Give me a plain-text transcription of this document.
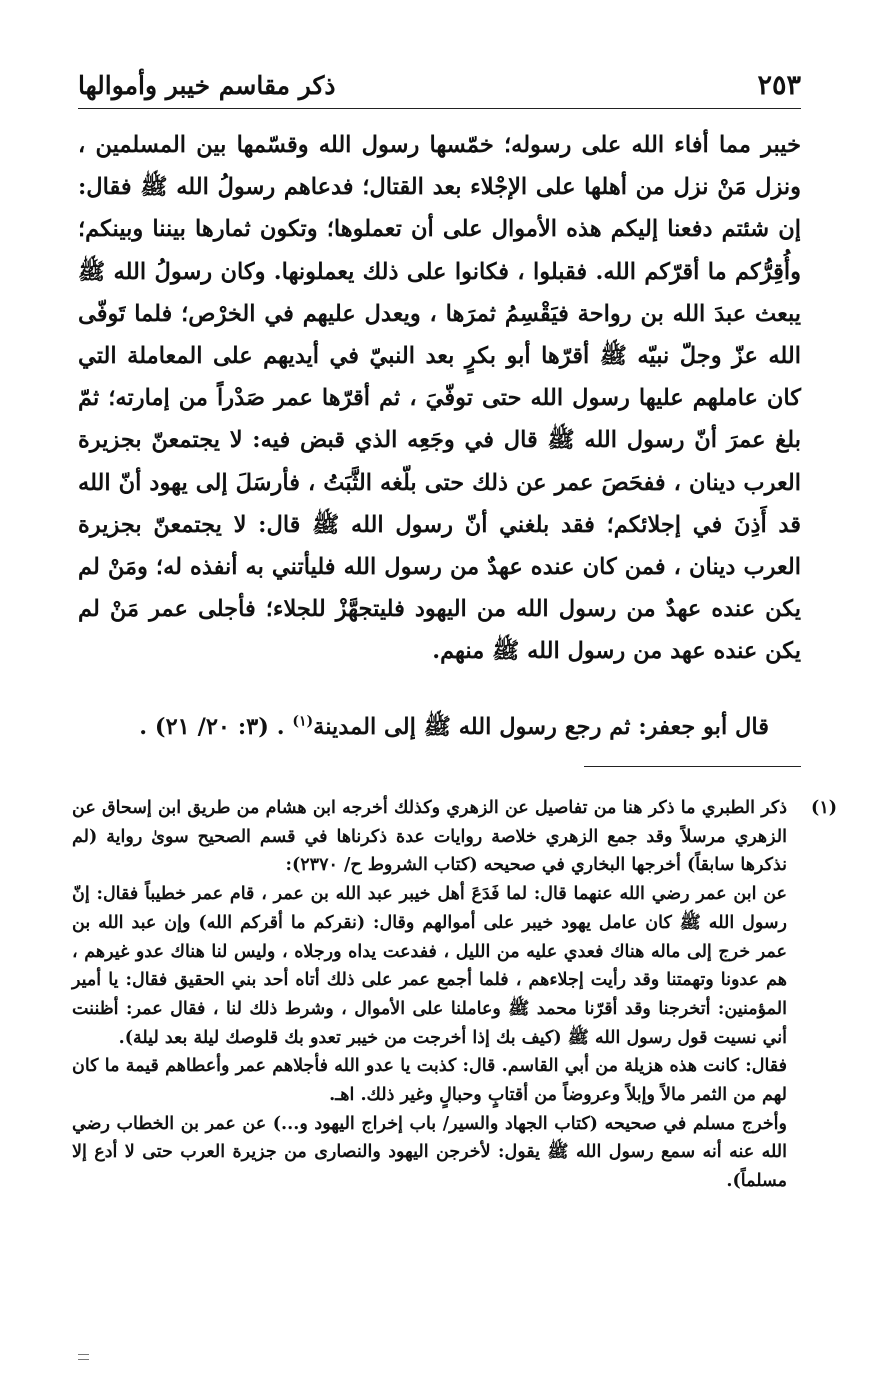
ذكر مقاسم خيبر وأموالها	٢٥٣
خيبر مما أفاء الله على رسوله؛ خمّسها رسول الله وقسّمها بين المسلمين ، ونزل مَنْ نزل من أهلها على الإجْلاء بعد القتال؛ فدعاهم رسولُ الله ﷺ فقال: إن شئتم دفعنا إليكم هذه الأموال على أن تعملوها؛ وتكون ثمارها بيننا وبينكم؛ وأُقِرُّكم ما أقرّكم الله. فقبلوا ، فكانوا على ذلك يعملونها. وكان رسولُ الله ﷺ يبعث عبدَ الله بن رواحة فيَقْسِمُ ثمرَها ، ويعدل عليهم في الخرْص؛ فلما تَوفّى الله عزّ وجلّ نبيّه ﷺ أقرّها أبو بكرٍ بعد النبيّ في أيديهم على المعاملة التي كان عاملهم عليها رسول الله حتى توفّيَ ، ثم أقرّها عمر صَدْراً من إمارته؛ ثمّ بلغ عمرَ أنّ رسول الله ﷺ قال في وجَعِه الذي قبض فيه: لا يجتمعنّ بجزيرة العرب دينان ، ففحَصَ عمر عن ذلك حتى بلّغه الثَّبَتُ ، فأرسَلَ إلى يهود أنّ الله قد أَذِنَ في إجلائكم؛ فقد بلغني أنّ رسول الله ﷺ قال: لا يجتمعنّ بجزيرة العرب دينان ، فمن كان عنده عهدٌ من رسول الله فليأتني به أنفذه له؛ ومَنْ لم يكن عنده عهدٌ من رسول الله من اليهود فليتجهَّزْ للجلاء؛ فأجلى عمر مَنْ لم يكن عنده عهد من رسول الله ﷺ منهم.
قال أبو جعفر: ثم رجع رسول الله ﷺ إلى المدينة$^{(١)}$ . (٣: ٢٠/ ٢١) .
(١)

ذكر الطبري ما ذكر هنا من تفاصيل عن الزهري وكذلك أخرجه ابن هشام من طريق ابن إسحاق عن الزهري مرسلاً وقد جمع الزهري خلاصة روايات عدة ذكرناها في قسم الصحيح سوىٰ رواية (لم نذكرها سابقاً) أخرجها البخاري في صحيحه (كتاب الشروط ح/ ٢٣٧٠):

عن ابن عمر رضي الله عنهما قال: لما فَدَعَ أهل خيبر عبد الله بن عمر ، قام عمر خطيباً فقال: إنّ رسول الله ﷺ كان عامل يهود خيبر على أموالهم وقال: (نقركم ما أقركم الله) وإن عبد الله بن عمر خرج إلى ماله هناك فعدي عليه من الليل ، ففدعت يداه ورجلاه ، وليس لنا هناك عدو غيرهم ، هم عدونا وتهمتنا وقد رأيت إجلاءهم ، فلما أجمع عمر على ذلك أتاه أحد بني الحقيق فقال: يا أمير المؤمنين: أتخرجنا وقد أقرّنا محمد ﷺ وعاملنا على الأموال ، وشرط ذلك لنا ، فقال عمر: أظننت أني نسيت قول رسول الله ﷺ (كيف بك إذا أخرجت من خيبر تعدو بك قلوصك ليلة بعد ليلة).

فقال: كانت هذه هزيلة من أبي القاسم. قال: كذبت يا عدو الله فأجلاهم عمر وأعطاهم قيمة ما كان لهم من الثمر مالاً وإبلاً وعروضاً من أقتابٍ وحبالٍ وغير ذلك. اهـ.

وأخرج مسلم في صحيحه (كتاب الجهاد والسير/ باب إخراج اليهود و...) عن عمر بن الخطاب رضي الله عنه أنه سمع رسول الله ﷺ يقول: لأخرجن اليهود والنصارى من جزيرة العرب حتى لا أدع إلا مسلماً).
